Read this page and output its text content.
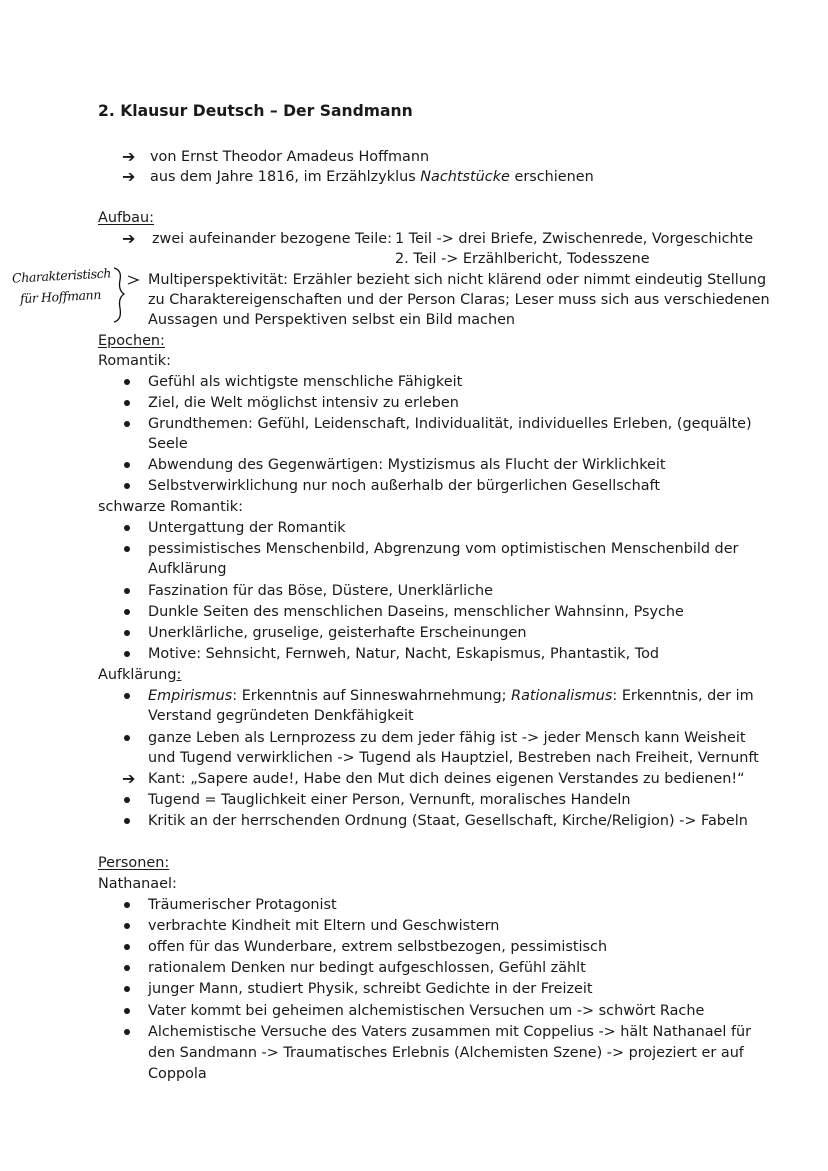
2. Klausur Deutsch – Der Sandmann
➔ von Ernst Theodor Amadeus Hoffmann
➔ aus dem Jahre 1816, im Erzählzyklus Nachtstücke erschienen
Aufbau:
➔ zwei aufeinander bezogene Teile: 1 Teil -> drei Briefe, Zwischenrede, Vorgeschichte
2. Teil -> Erzählbericht, Todesszene
Charakteristisch
für Hoffmann
Multiperspektivität: Erzähler bezieht sich nicht klärend oder nimmt eindeutig Stellung
zu Charaktereigenschaften und der Person Claras; Leser muss sich aus verschiedenen
Aussagen und Perspektiven selbst ein Bild machen
Epochen:
Romantik:
Gefühl als wichtigste menschliche Fähigkeit
Ziel, die Welt möglichst intensiv zu erleben
Grundthemen: Gefühl, Leidenschaft, Individualität, individuelles Erleben, (gequälte)
Seele
Abwendung des Gegenwärtigen: Mystizismus als Flucht der Wirklichkeit
Selbstverwirklichung nur noch außerhalb der bürgerlichen Gesellschaft
schwarze Romantik:
Untergattung der Romantik
pessimistisches Menschenbild, Abgrenzung vom optimistischen Menschenbild der
Aufklärung
Faszination für das Böse, Düstere, Unerklärliche
Dunkle Seiten des menschlichen Daseins, menschlicher Wahnsinn, Psyche
Unerklärliche, gruselige, geisterhafte Erscheinungen
Motive: Sehnsicht, Fernweh, Natur, Nacht, Eskapismus, Phantastik, Tod
Aufklärung:
Empirismus: Erkenntnis auf Sinneswahrnehmung; Rationalismus: Erkenntnis, der im
Verstand gegründeten Denkfähigkeit
ganze Leben als Lernprozess zu dem jeder fähig ist -> jeder Mensch kann Weisheit
und Tugend verwirklichen -> Tugend als Hauptziel, Bestreben nach Freiheit, Vernunft
➔ Kant: „Sapere aude!, Habe den Mut dich deines eigenen Verstandes zu bedienen!“
Tugend = Tauglichkeit einer Person, Vernunft, moralisches Handeln
Kritik an der herrschenden Ordnung (Staat, Gesellschaft, Kirche/Religion) -> Fabeln
Personen:
Nathanael:
Träumerischer Protagonist
verbrachte Kindheit mit Eltern und Geschwistern
offen für das Wunderbare, extrem selbstbezogen, pessimistisch
rationalem Denken nur bedingt aufgeschlossen, Gefühl zählt
junger Mann, studiert Physik, schreibt Gedichte in der Freizeit
Vater kommt bei geheimen alchemistischen Versuchen um -> schwört Rache
Alchemistische Versuche des Vaters zusammen mit Coppelius -> hält Nathanael für
den Sandmann -> Traumatisches Erlebnis (Alchemisten Szene) -> projeziert er auf
Coppola
